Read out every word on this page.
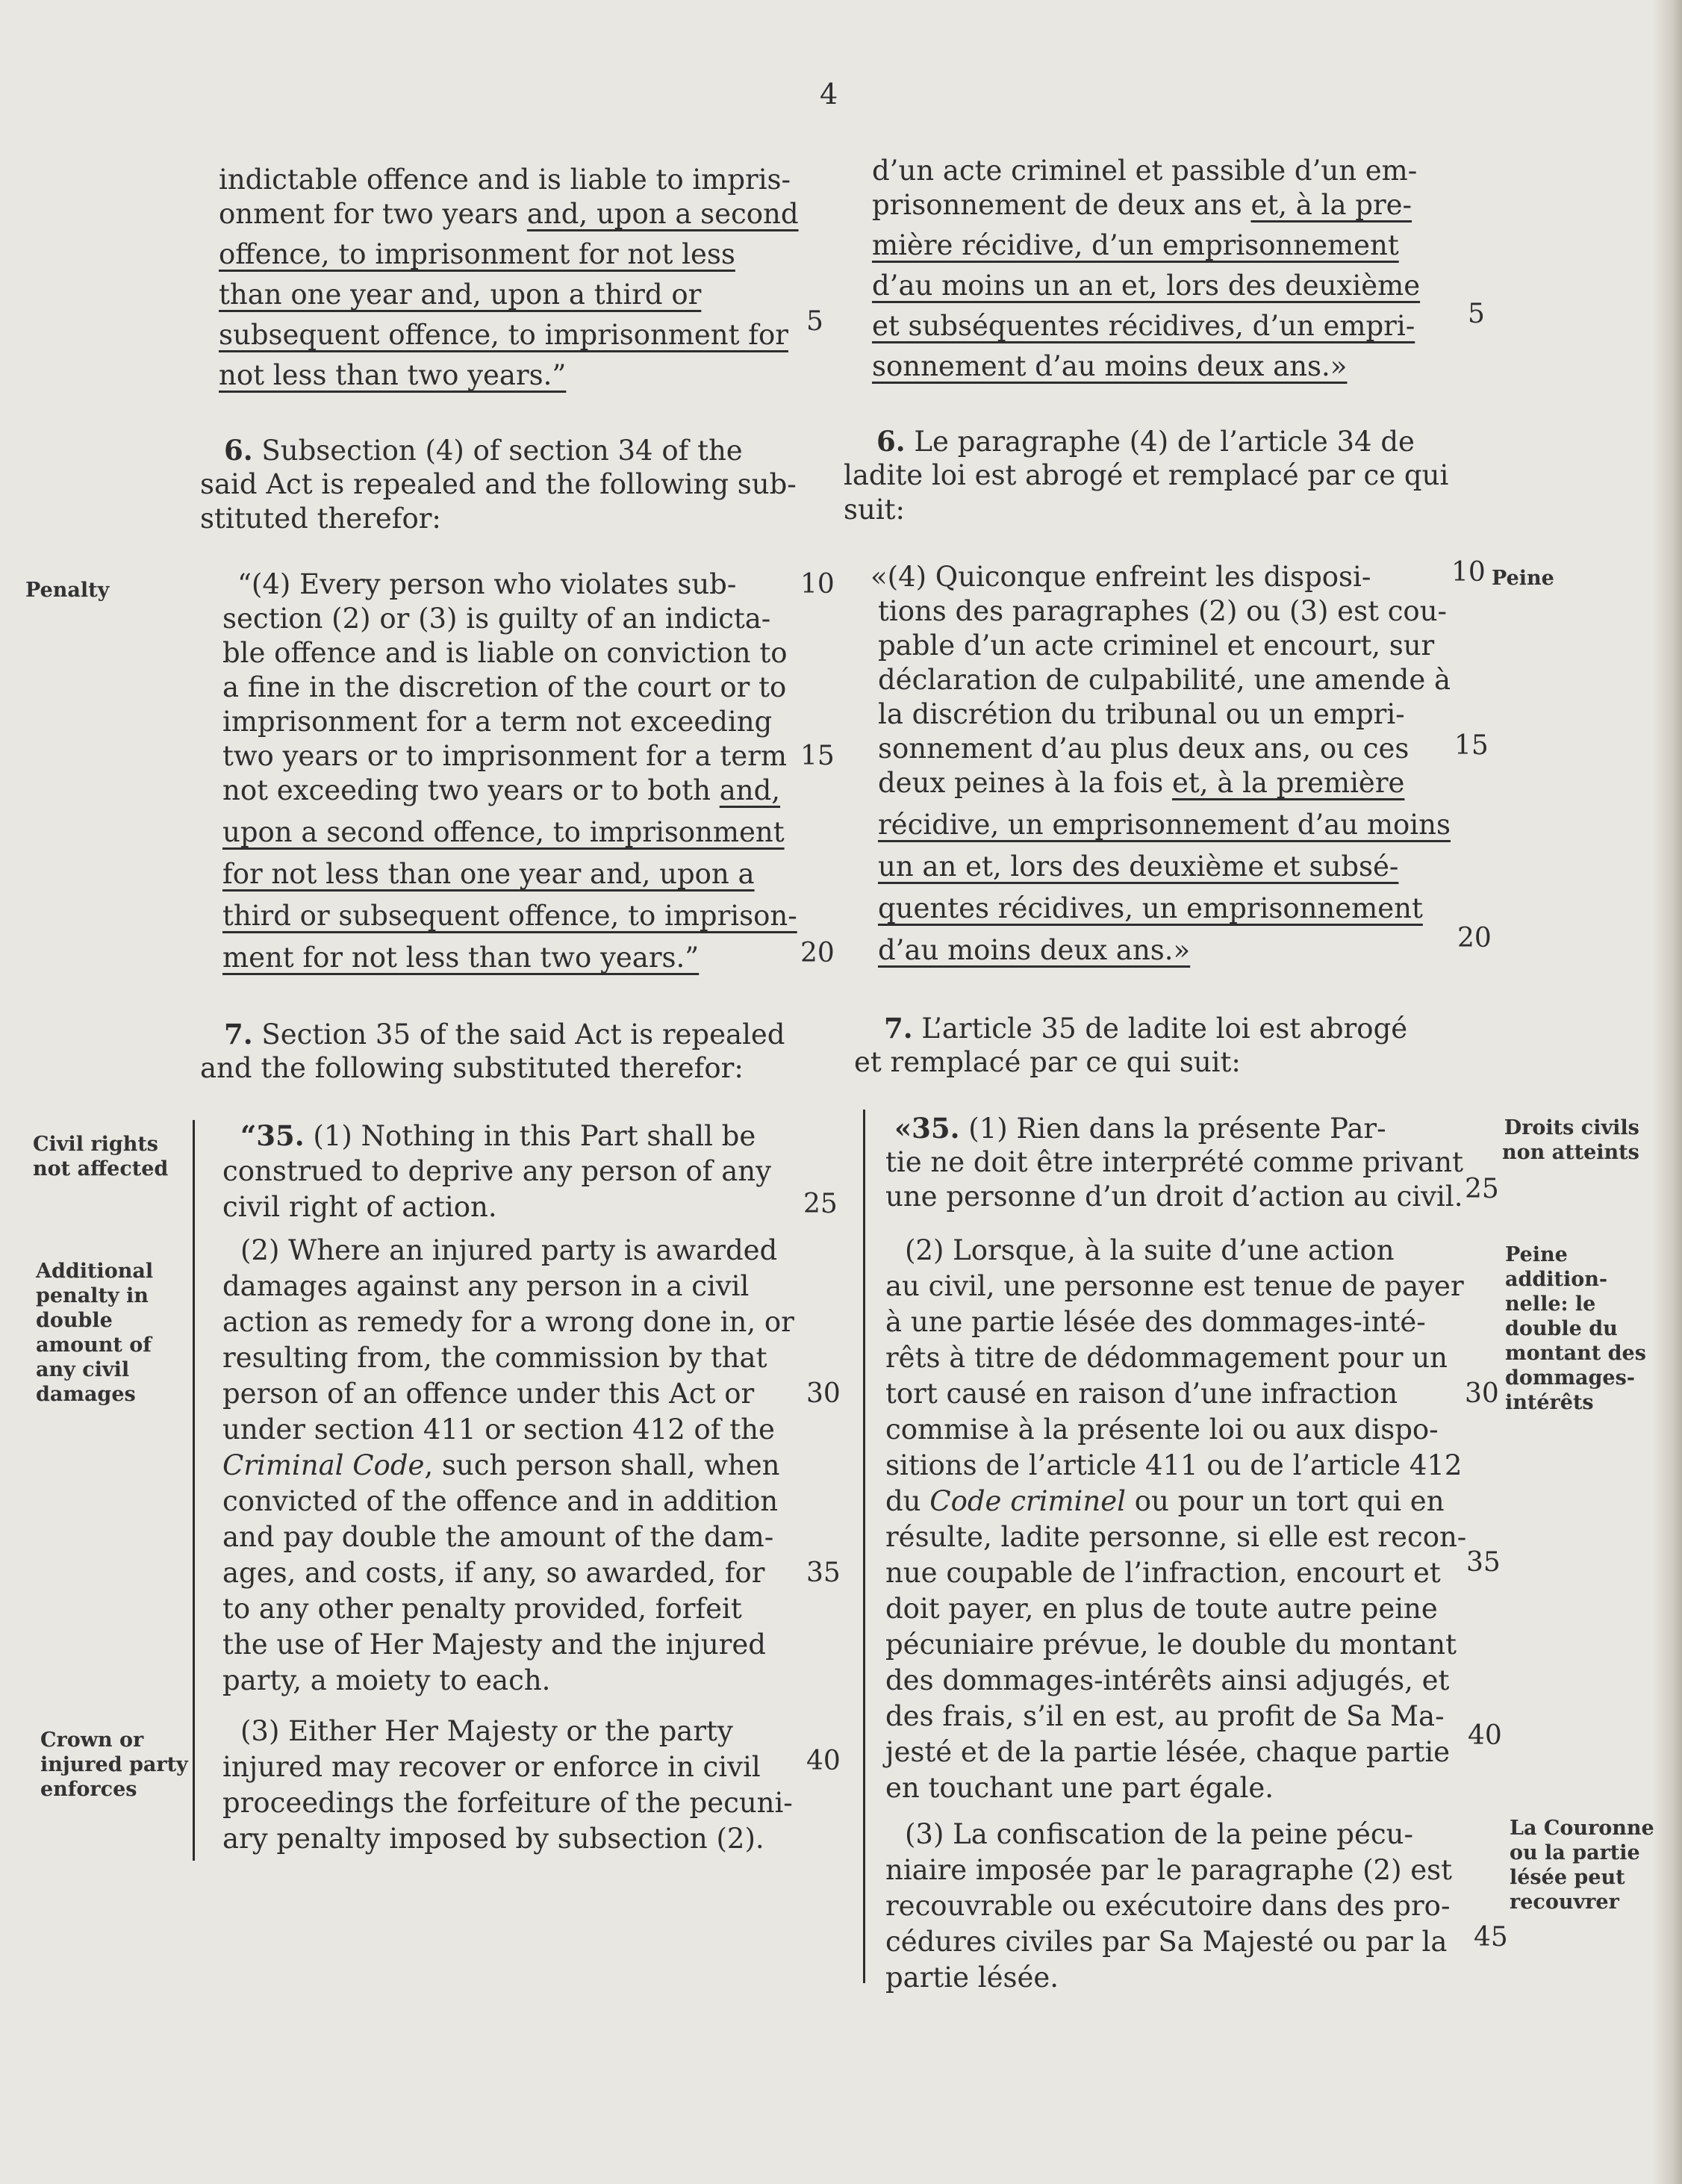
4
indictable offence and is liable to impris-
onment for two years and, upon a second
offence, to imprisonment for not less
than one year and, upon a third or
subsequent offence, to imprisonment for
not less than two years.”
6. Subsection (4) of section 34 of the
said Act is repealed and the following sub-
stituted therefor:
“(4) Every person who violates sub-
section (2) or (3) is guilty of an indicta-
ble offence and is liable on conviction to
a fine in the discretion of the court or to
imprisonment for a term not exceeding
two years or to imprisonment for a term
not exceeding two years or to both and,
upon a second offence, to imprisonment
for not less than one year and, upon a
third or subsequent offence, to imprison-
ment for not less than two years.”
7. Section 35 of the said Act is repealed
and the following substituted therefor:
“35. (1) Nothing in this Part shall be
construed to deprive any person of any
civil right of action.
(2) Where an injured party is awarded
damages against any person in a civil
action as remedy for a wrong done in, or
resulting from, the commission by that
person of an offence under this Act or
under section 411 or section 412 of the
Criminal Code, such person shall, when
convicted of the offence and in addition
and pay double the amount of the dam-
ages, and costs, if any, so awarded, for
to any other penalty provided, forfeit
the use of Her Majesty and the injured
party, a moiety to each.
(3) Either Her Majesty or the party
injured may recover or enforce in civil
proceedings the forfeiture of the pecuni-
ary penalty imposed by subsection (2).
5
10
15
20
25
30
35
40
Penalty
Civil rights
not affected
Additional
penalty in
double
amount of
any civil
damages
Crown or
injured party
enforces
d’un acte criminel et passible d’un em-
prisonnement de deux ans et, à la pre-
mière récidive, d’un emprisonnement
d’au moins un an et, lors des deuxième
et subséquentes récidives, d’un empri-
sonnement d’au moins deux ans.»
6. Le paragraphe (4) de l’article 34 de
ladite loi est abrogé et remplacé par ce qui
suit:
«(4) Quiconque enfreint les disposi-
tions des paragraphes (2) ou (3) est cou-
pable d’un acte criminel et encourt, sur
déclaration de culpabilité, une amende à
la discrétion du tribunal ou un empri-
sonnement d’au plus deux ans, ou ces
deux peines à la fois et, à la première
récidive, un emprisonnement d’au moins
un an et, lors des deuxième et subsé-
quentes récidives, un emprisonnement
d’au moins deux ans.»
7. L’article 35 de ladite loi est abrogé
et remplacé par ce qui suit:
«35. (1) Rien dans la présente Par-
tie ne doit être interprété comme privant
une personne d’un droit d’action au civil.
(2) Lorsque, à la suite d’une action
au civil, une personne est tenue de payer
à une partie lésée des dommages-inté-
rêts à titre de dédommagement pour un
tort causé en raison d’une infraction
commise à la présente loi ou aux dispo-
sitions de l’article 411 ou de l’article 412
du Code criminel ou pour un tort qui en
résulte, ladite personne, si elle est recon-
nue coupable de l’infraction, encourt et
doit payer, en plus de toute autre peine
pécuniaire prévue, le double du montant
des dommages-intérêts ainsi adjugés, et
des frais, s’il en est, au profit de Sa Ma-
jesté et de la partie lésée, chaque partie
en touchant une part égale.
(3) La confiscation de la peine pécu-
niaire imposée par le paragraphe (2) est
recouvrable ou exécutoire dans des pro-
cédures civiles par Sa Majesté ou par la
partie lésée.
5
10
15
20
25
30
35
40
45
Peine
Droits civils
non atteints
Peine
addition-
nelle: le
double du
montant des
dommages-
intérêts
La Couronne
ou la partie
lésée peut
recouvrer
